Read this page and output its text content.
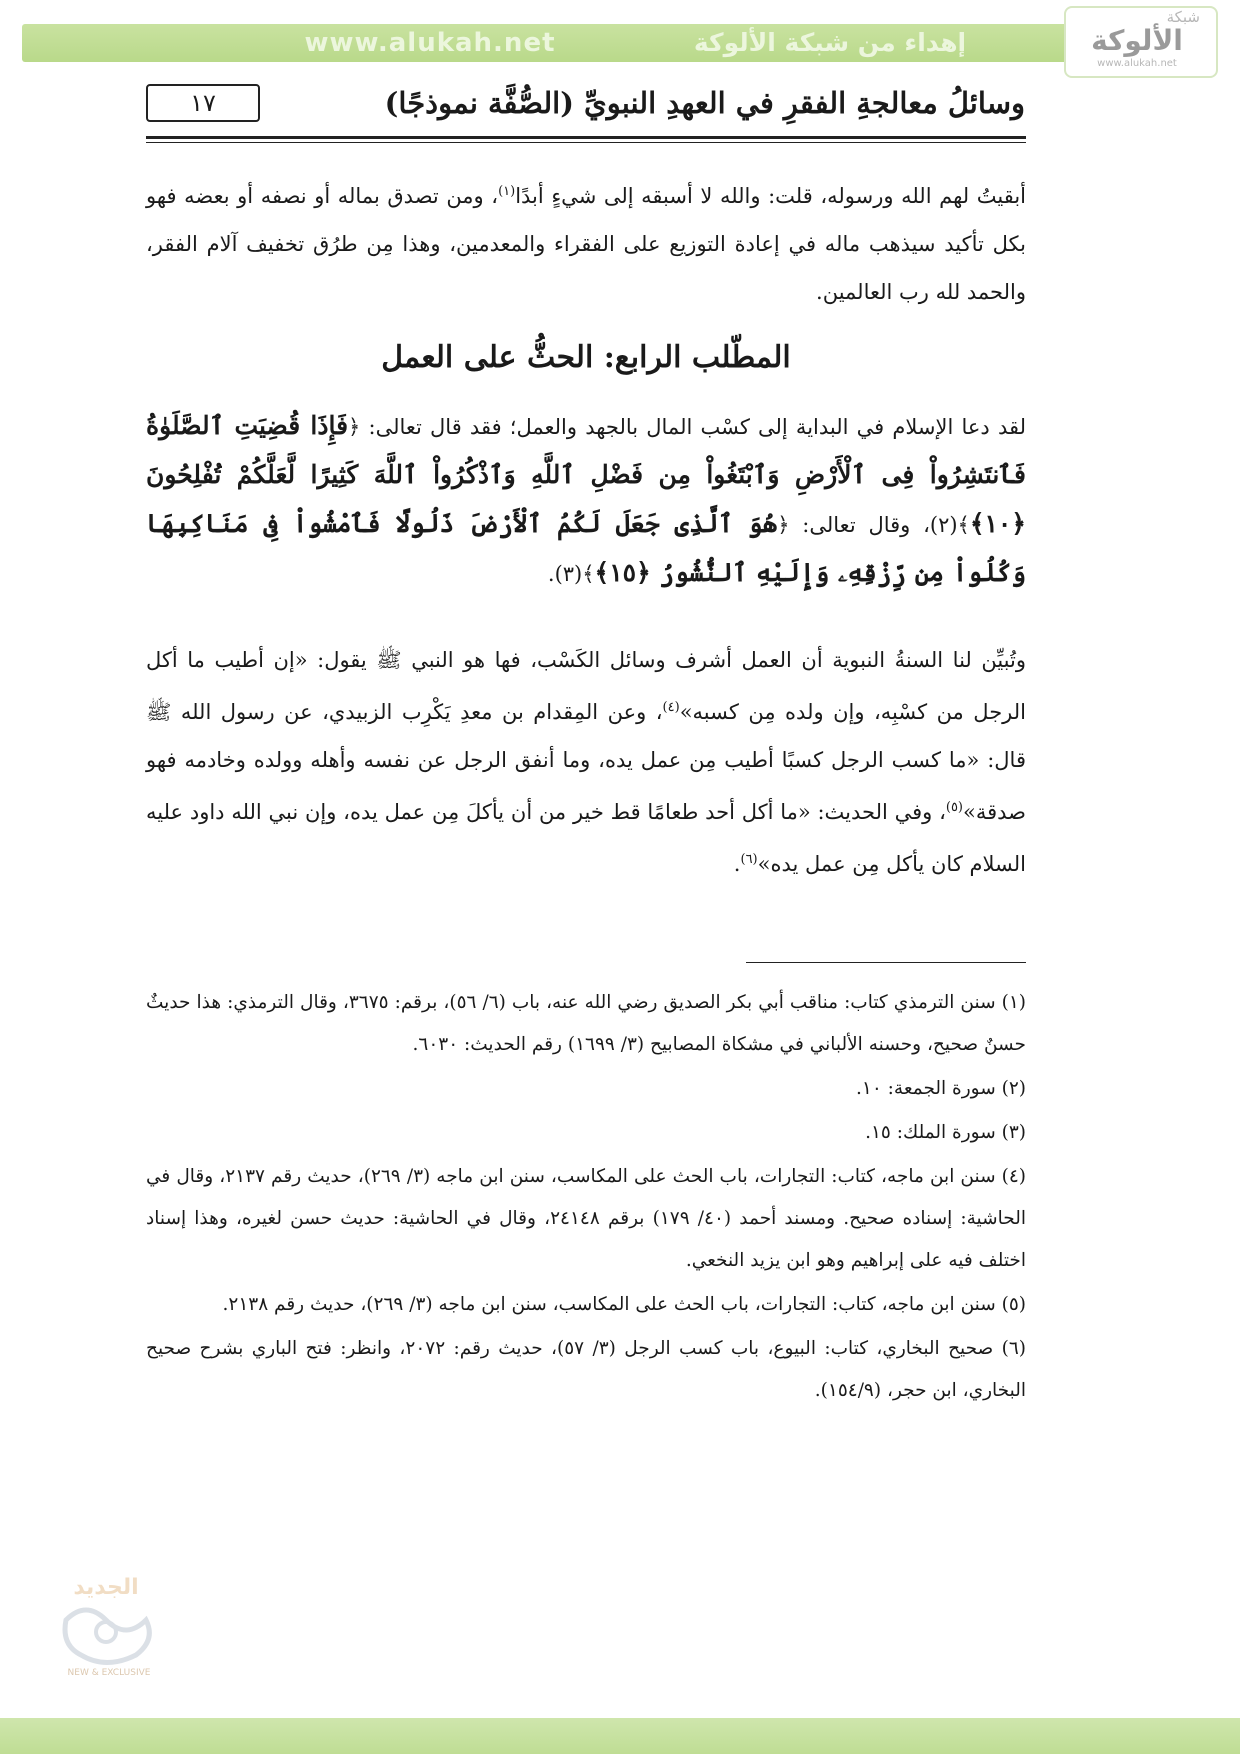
www.alukah.net	إهداء من شبكة الألوكة
شبكة
الألوكة
www.alukah.net
١٧	وسائلُ معالجةِ الفقرِ في العهدِ النبويِّ (الصُّفَّة نموذجًا)
أبقيتُ لهم الله ورسوله، قلت: والله لا أسبقه إلى شيءٍ أبدًا$^{(١)}$، ومن تصدق بماله أو نصفه أو بعضه فهو بكل تأكيد سيذهب ماله في إعادة التوزيع على الفقراء والمعدمين، وهذا مِن طرُق تخفيف آلام الفقر، والحمد لله رب العالمين.
المطّلب الرابع: الحثُّ على العمل
لقد دعا الإسلام في البداية إلى كسْب المال بالجهد والعمل؛ فقد قال تعالى: ﴿فَإِذَا قُضِيَتِ ٱلصَّلَوٰةُ فَٱنتَشِرُواْ فِى ٱلْأَرْضِ وَٱبْتَغُواْ مِن فَضْلِ ٱللَّهِ وَٱذْكُرُواْ ٱللَّهَ كَثِيرًا لَّعَلَّكُمْ تُفْلِحُونَ ﴿١٠﴾﴾(٢)، وقال تعالى: ﴿هُوَ ٱلَّذِى جَعَلَ لَكُمُ ٱلْأَرْضَ ذَلُولًا فَٱمْشُواْ فِى مَنَاكِبِهَا وَكُلُواْ مِن رِّزْقِهِۦ وَإِلَيْهِ ٱلنُّشُورُ ﴿١٥﴾﴾(٣).
وتُبيِّن لنا السنةُ النبوية أن العمل أشرف وسائل الكَسْب، فها هو النبي ﷺ يقول: «إن أطيب ما أكل الرجل من كسْبِه، وإن ولده مِن كسبه»$^{(٤)}$، وعن المِقدام بن معدِ يَكْرِب الزبيدي، عن رسول الله ﷺ قال: «ما كسب الرجل كسبًا أطيب مِن عمل يده، وما أنفق الرجل عن نفسه وأهله وولده وخادمه فهو صدقة»$^{(٥)}$، وفي الحديث: «ما أكل أحد طعامًا قط خير من أن يأكلَ مِن عمل يده، وإن نبي الله داود عليه السلام كان يأكل مِن عمل يده»$^{(٦)}$.
(١) سنن الترمذي كتاب: مناقب أبي بكر الصديق رضي الله عنه، باب (٦/ ٥٦)، برقم: ٣٦٧٥، وقال الترمذي: هذا حديثٌ حسنٌ صحيح، وحسنه الألباني في مشكاة المصابيح (٣/ ١٦٩٩) رقم الحديث: ٦٠٣٠.
(٢) سورة الجمعة: ١٠.
(٣) سورة الملك: ١٥.
(٤) سنن ابن ماجه، كتاب: التجارات، باب الحث على المكاسب، سنن ابن ماجه (٣/ ٢٦٩)، حديث رقم ٢١٣٧، وقال في الحاشية: إسناده صحيح. ومسند أحمد (٤٠/ ١٧٩) برقم ٢٤١٤٨، وقال في الحاشية: حديث حسن لغيره، وهذا إسناد اختلف فيه على إبراهيم وهو ابن يزيد النخعي.
(٥) سنن ابن ماجه، كتاب: التجارات، باب الحث على المكاسب، سنن ابن ماجه (٣/ ٢٦٩)، حديث رقم ٢١٣٨.
(٦) صحيح البخاري، كتاب: البيوع، باب كسب الرجل (٣/ ٥٧)، حديث رقم: ٢٠٧٢، وانظر: فتح الباري بشرح صحيح البخاري، ابن حجر، (١٥٤/٩).
الجديد
NEW & EXCLUSIVE
